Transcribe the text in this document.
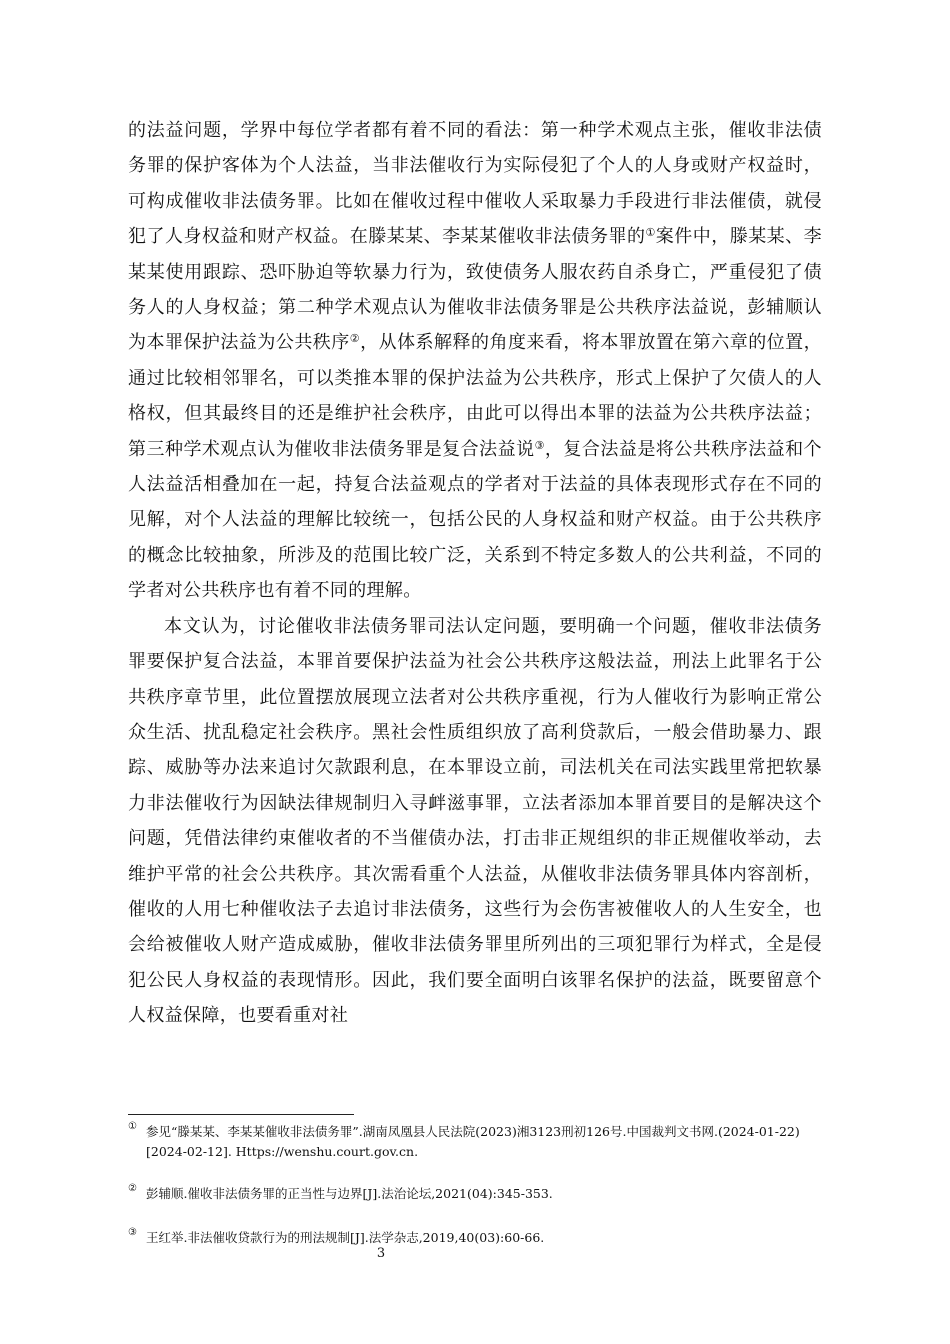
的法益问题，学界中每位学者都有着不同的看法：第一种学术观点主张，催收非法债务罪的保护客体为个人法益，当非法催收行为实际侵犯了个人的人身或财产权益时，可构成催收非法债务罪。比如在催收过程中催收人采取暴力手段进行非法催债，就侵犯了人身权益和财产权益。在滕某某、李某某催收非法债务罪的①案件中，滕某某、李某某使用跟踪、恐吓胁迫等软暴力行为，致使债务人服农药自杀身亡，严重侵犯了债务人的人身权益；第二种学术观点认为催收非法债务罪是公共秩序法益说，彭辅顺认为本罪保护法益为公共秩序②，从体系解释的角度来看，将本罪放置在第六章的位置，通过比较相邻罪名，可以类推本罪的保护法益为公共秩序，形式上保护了欠债人的人格权，但其最终目的还是维护社会秩序，由此可以得出本罪的法益为公共秩序法益；第三种学术观点认为催收非法债务罪是复合法益说③，复合法益是将公共秩序法益和个人法益活相叠加在一起，持复合法益观点的学者对于法益的具体表现形式存在不同的见解，对个人法益的理解比较统一，包括公民的人身权益和财产权益。由于公共秩序的概念比较抽象，所涉及的范围比较广泛，关系到不特定多数人的公共利益，不同的学者对公共秩序也有着不同的理解。

本文认为，讨论催收非法债务罪司法认定问题，要明确一个问题，催收非法债务罪要保护复合法益，本罪首要保护法益为社会公共秩序这般法益，刑法上此罪名于公共秩序章节里，此位置摆放展现立法者对公共秩序重视，行为人催收行为影响正常公众生活、扰乱稳定社会秩序。黑社会性质组织放了高利贷款后，一般会借助暴力、跟踪、威胁等办法来追讨欠款跟利息，在本罪设立前，司法机关在司法实践里常把软暴力非法催收行为因缺法律规制归入寻衅滋事罪，立法者添加本罪首要目的是解决这个问题，凭借法律约束催收者的不当催债办法，打击非正规组织的非正规催收举动，去维护平常的社会公共秩序。其次需看重个人法益，从催收非法债务罪具体内容剖析，催收的人用七种催收法子去追讨非法债务，这些行为会伤害被催收人的人生安全，也会给被催收人财产造成威胁，催收非法债务罪里所列出的三项犯罪行为样式，全是侵犯公民人身权益的表现情形。因此，我们要全面明白该罪名保护的法益，既要留意个人权益保障，也要看重对社

① 参见“滕某某、李某某催收非法债务罪”.湖南凤凰县人民法院(2023)湘3123刑初126号.中国裁判文书网.(2024-01-22)[2024-02-12]. Https://wenshu.court.gov.cn.

② 彭辅顺.催收非法债务罪的正当性与边界[J].法治论坛,2021(04):345-353.

③ 王红举.非法催收贷款行为的刑法规制[J].法学杂志,2019,40(03):60-66.

3
